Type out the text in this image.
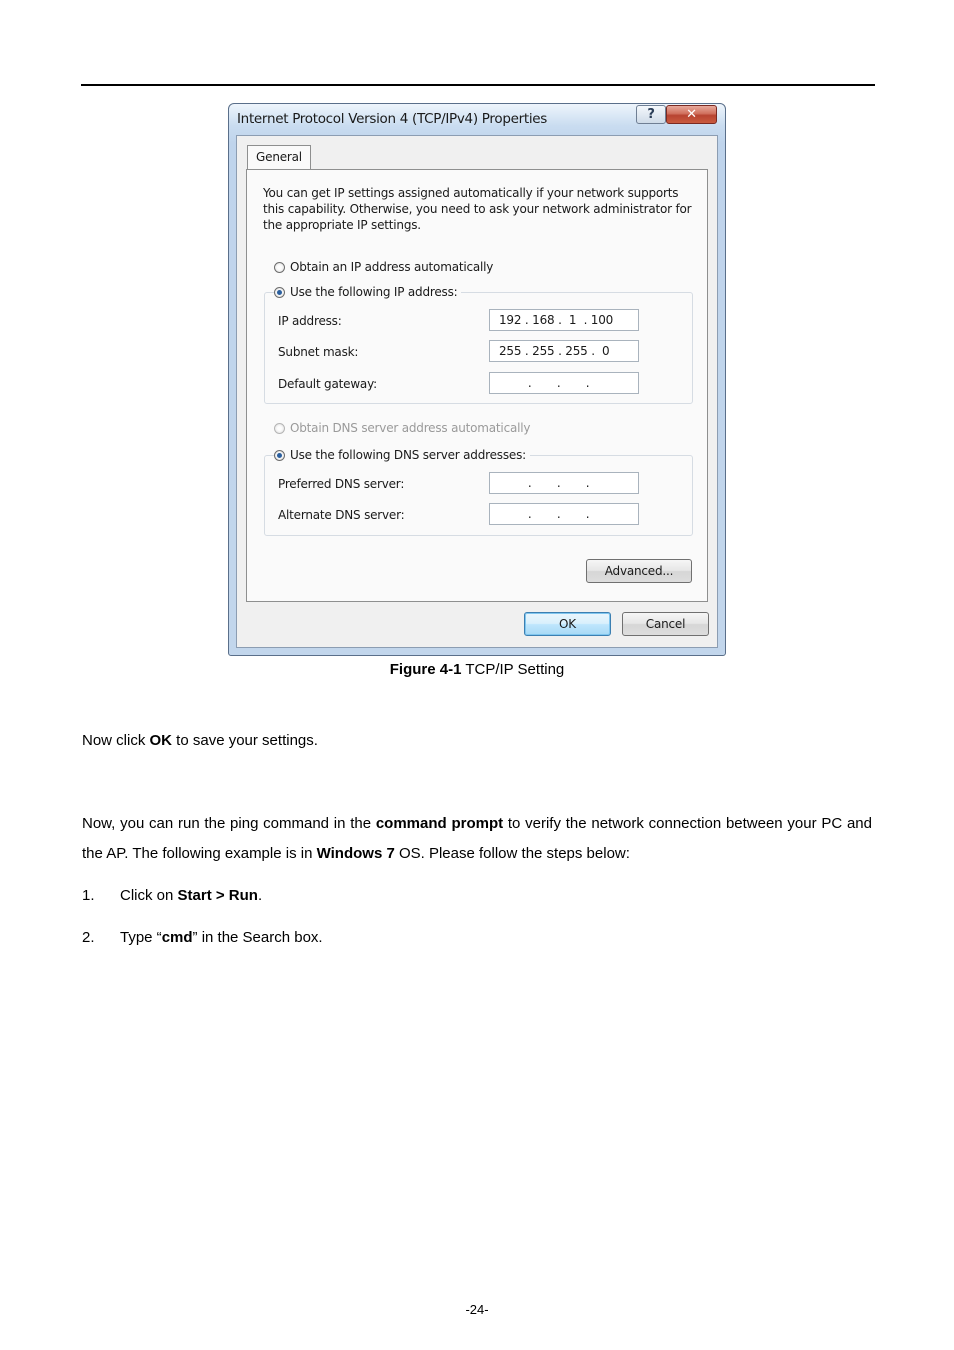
Internet Protocol Version 4 (TCP/IPv4) Properties	?	✕
General
You can get IP settings assigned automatically if your network supports this capability. Otherwise, you need to ask your network administrator for the appropriate IP settings.
Obtain an IP address automatically
Use the following IP address:
IP address:	192 . 168 .  1  . 100
Subnet mask:	255 . 255 . 255 .  0
Default gateway:	.       .       .
Obtain DNS server address automatically
Use the following DNS server addresses:
Preferred DNS server:	.       .       .
Alternate DNS server:	.       .       .
Advanced...
OK	Cancel
Figure 4-1 TCP/IP Setting
Now click OK to save your settings.
Now, you can run the ping command in the command prompt to verify the network connection between your PC and the AP. The following example is in Windows 7 OS. Please follow the steps below:
1. Click on Start > Run.
2. Type “cmd” in the Search box.
-24-
